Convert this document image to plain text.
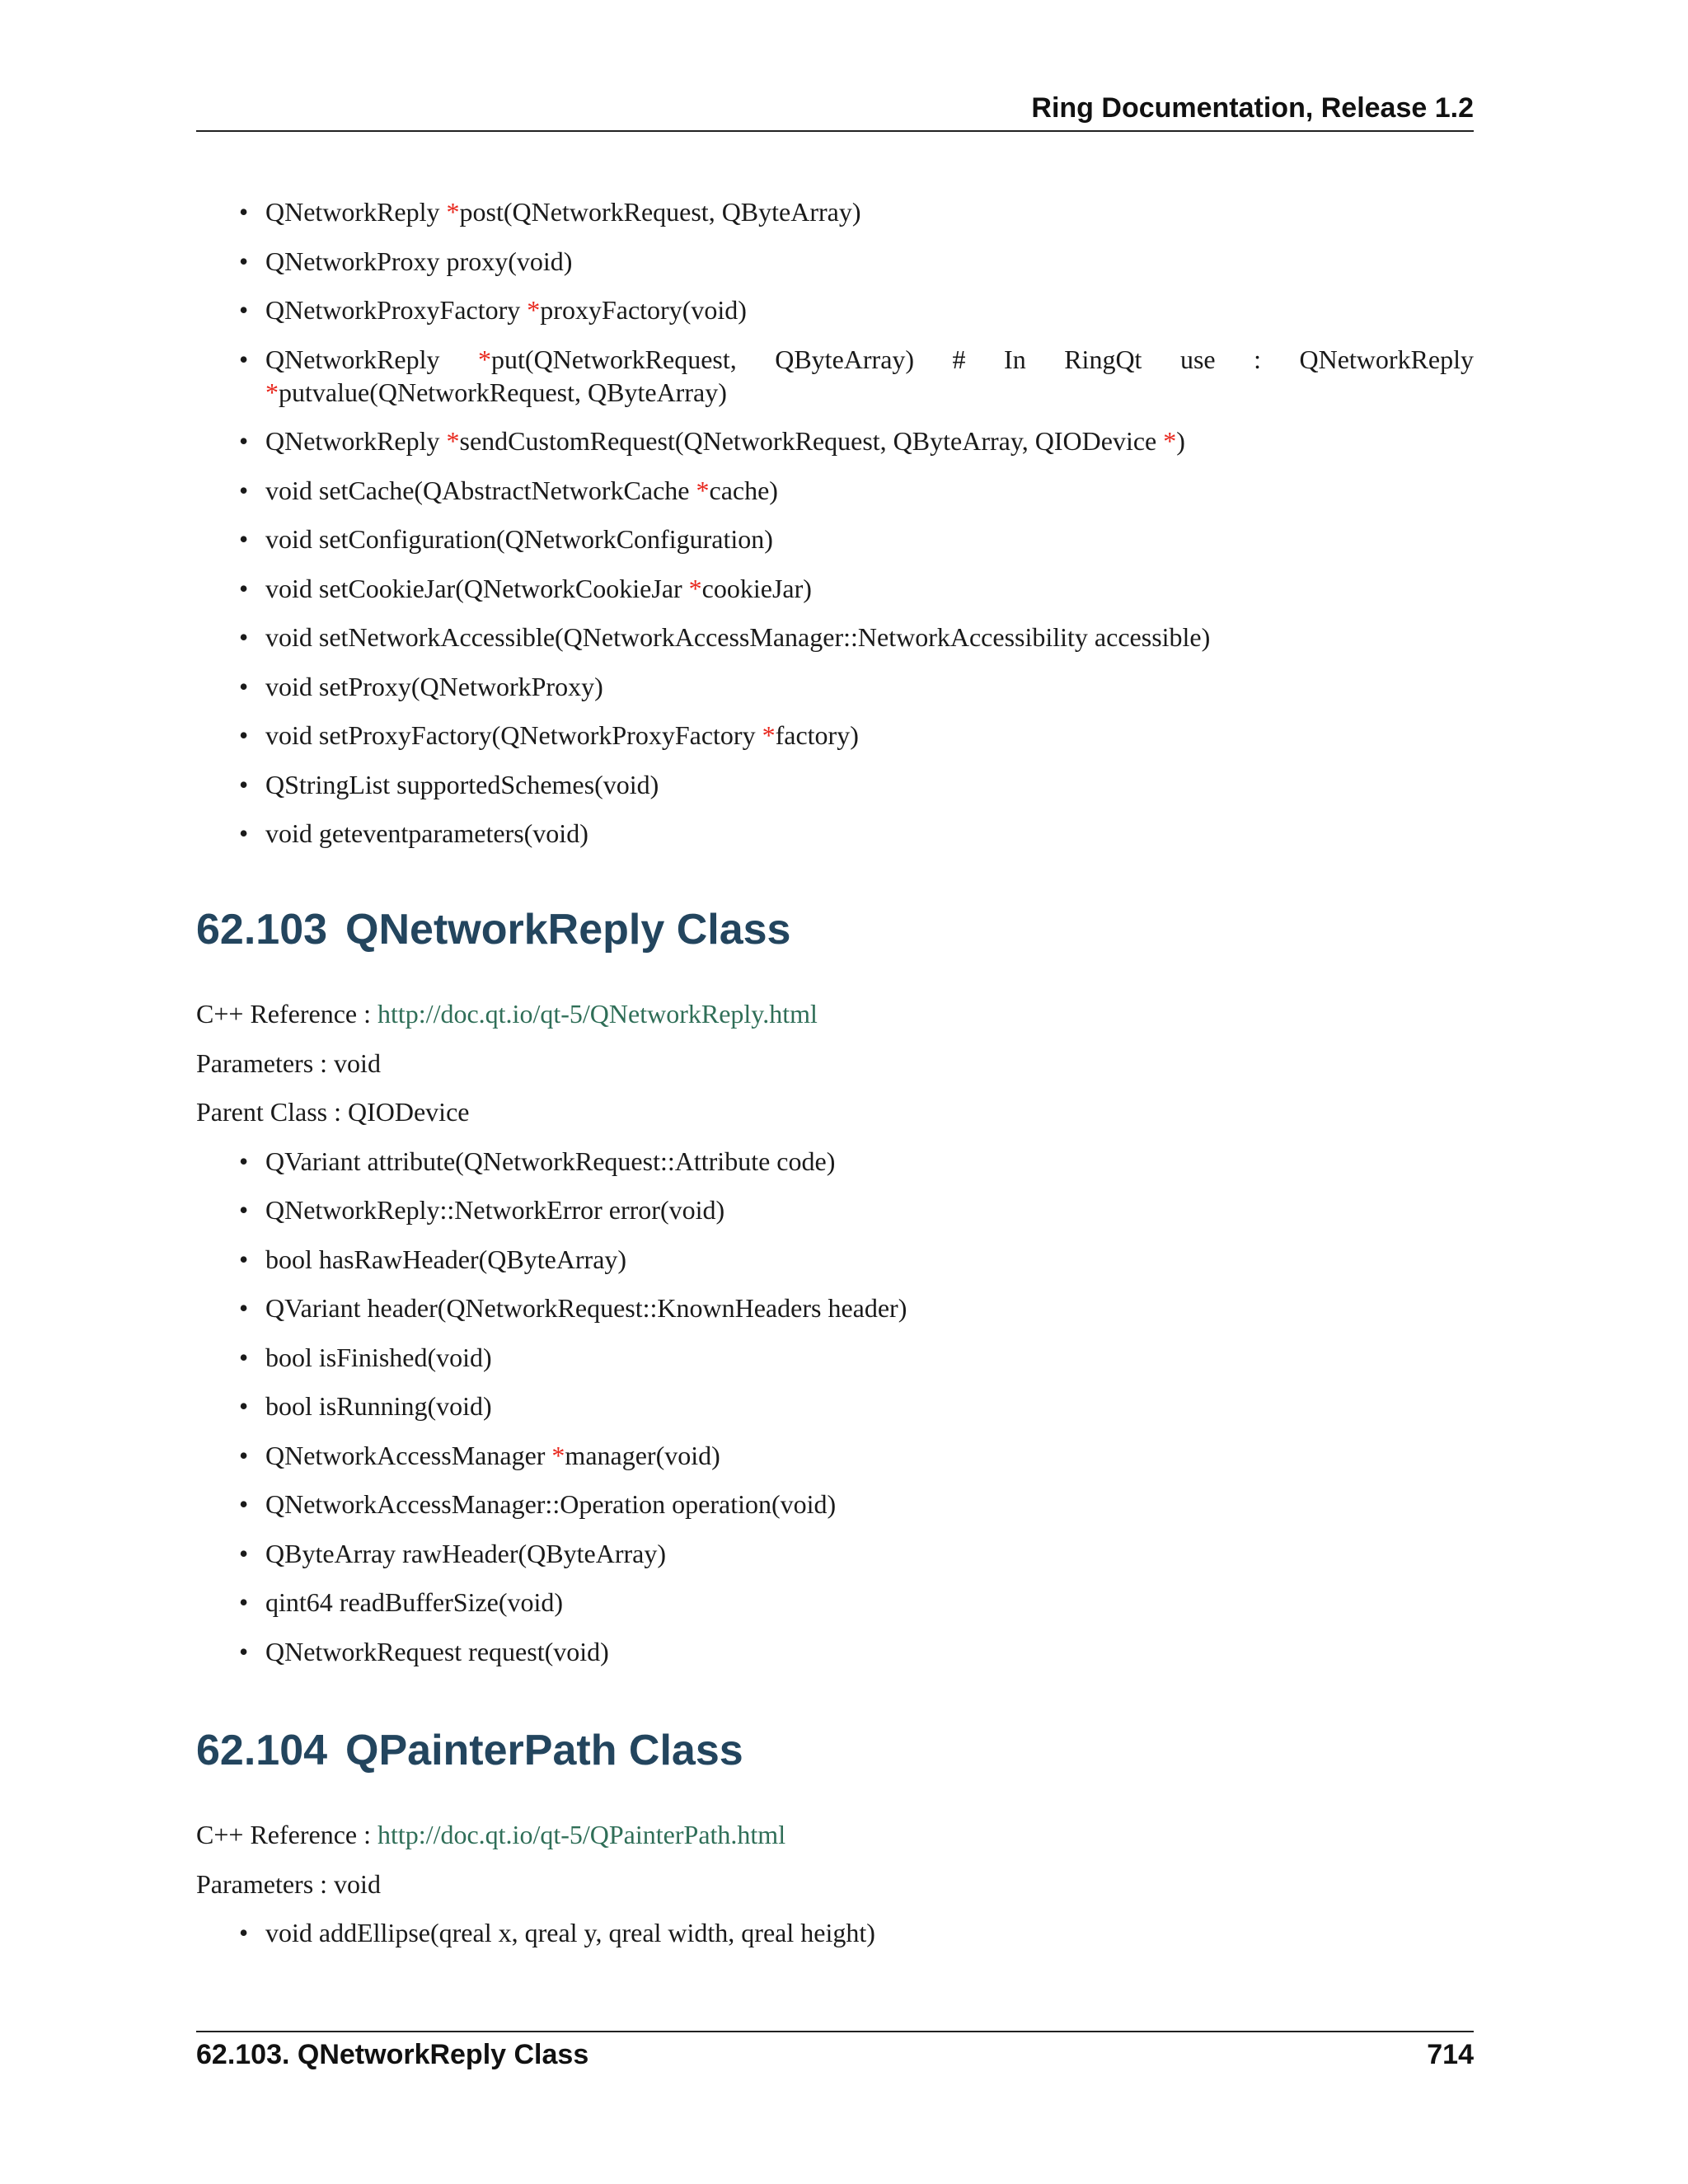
Ring Documentation, Release 1.2
• QNetworkReply *post(QNetworkRequest, QByteArray)
• QNetworkProxy proxy(void)
• QNetworkProxyFactory *proxyFactory(void)
• QNetworkReply *put(QNetworkRequest, QByteArray) # In RingQt use : QNetworkReply *putvalue(QNetworkRequest, QByteArray)
• QNetworkReply *sendCustomRequest(QNetworkRequest, QByteArray, QIODevice *)
• void setCache(QAbstractNetworkCache *cache)
• void setConfiguration(QNetworkConfiguration)
• void setCookieJar(QNetworkCookieJar *cookieJar)
• void setNetworkAccessible(QNetworkAccessManager::NetworkAccessibility accessible)
• void setProxy(QNetworkProxy)
• void setProxyFactory(QNetworkProxyFactory *factory)
• QStringList supportedSchemes(void)
• void geteventparameters(void)
62.103 QNetworkReply Class

C++ Reference : http://doc.qt.io/qt-5/QNetworkReply.html

Parameters : void

Parent Class : QIODevice

• QVariant attribute(QNetworkRequest::Attribute code)
• QNetworkReply::NetworkError error(void)
• bool hasRawHeader(QByteArray)
• QVariant header(QNetworkRequest::KnownHeaders header)
• bool isFinished(void)
• bool isRunning(void)
• QNetworkAccessManager *manager(void)
• QNetworkAccessManager::Operation operation(void)
• QByteArray rawHeader(QByteArray)
• qint64 readBufferSize(void)
• QNetworkRequest request(void)
62.104 QPainterPath Class

C++ Reference : http://doc.qt.io/qt-5/QPainterPath.html

Parameters : void

• void addEllipse(qreal x, qreal y, qreal width, qreal height)
62.103. QNetworkReply Class	714
